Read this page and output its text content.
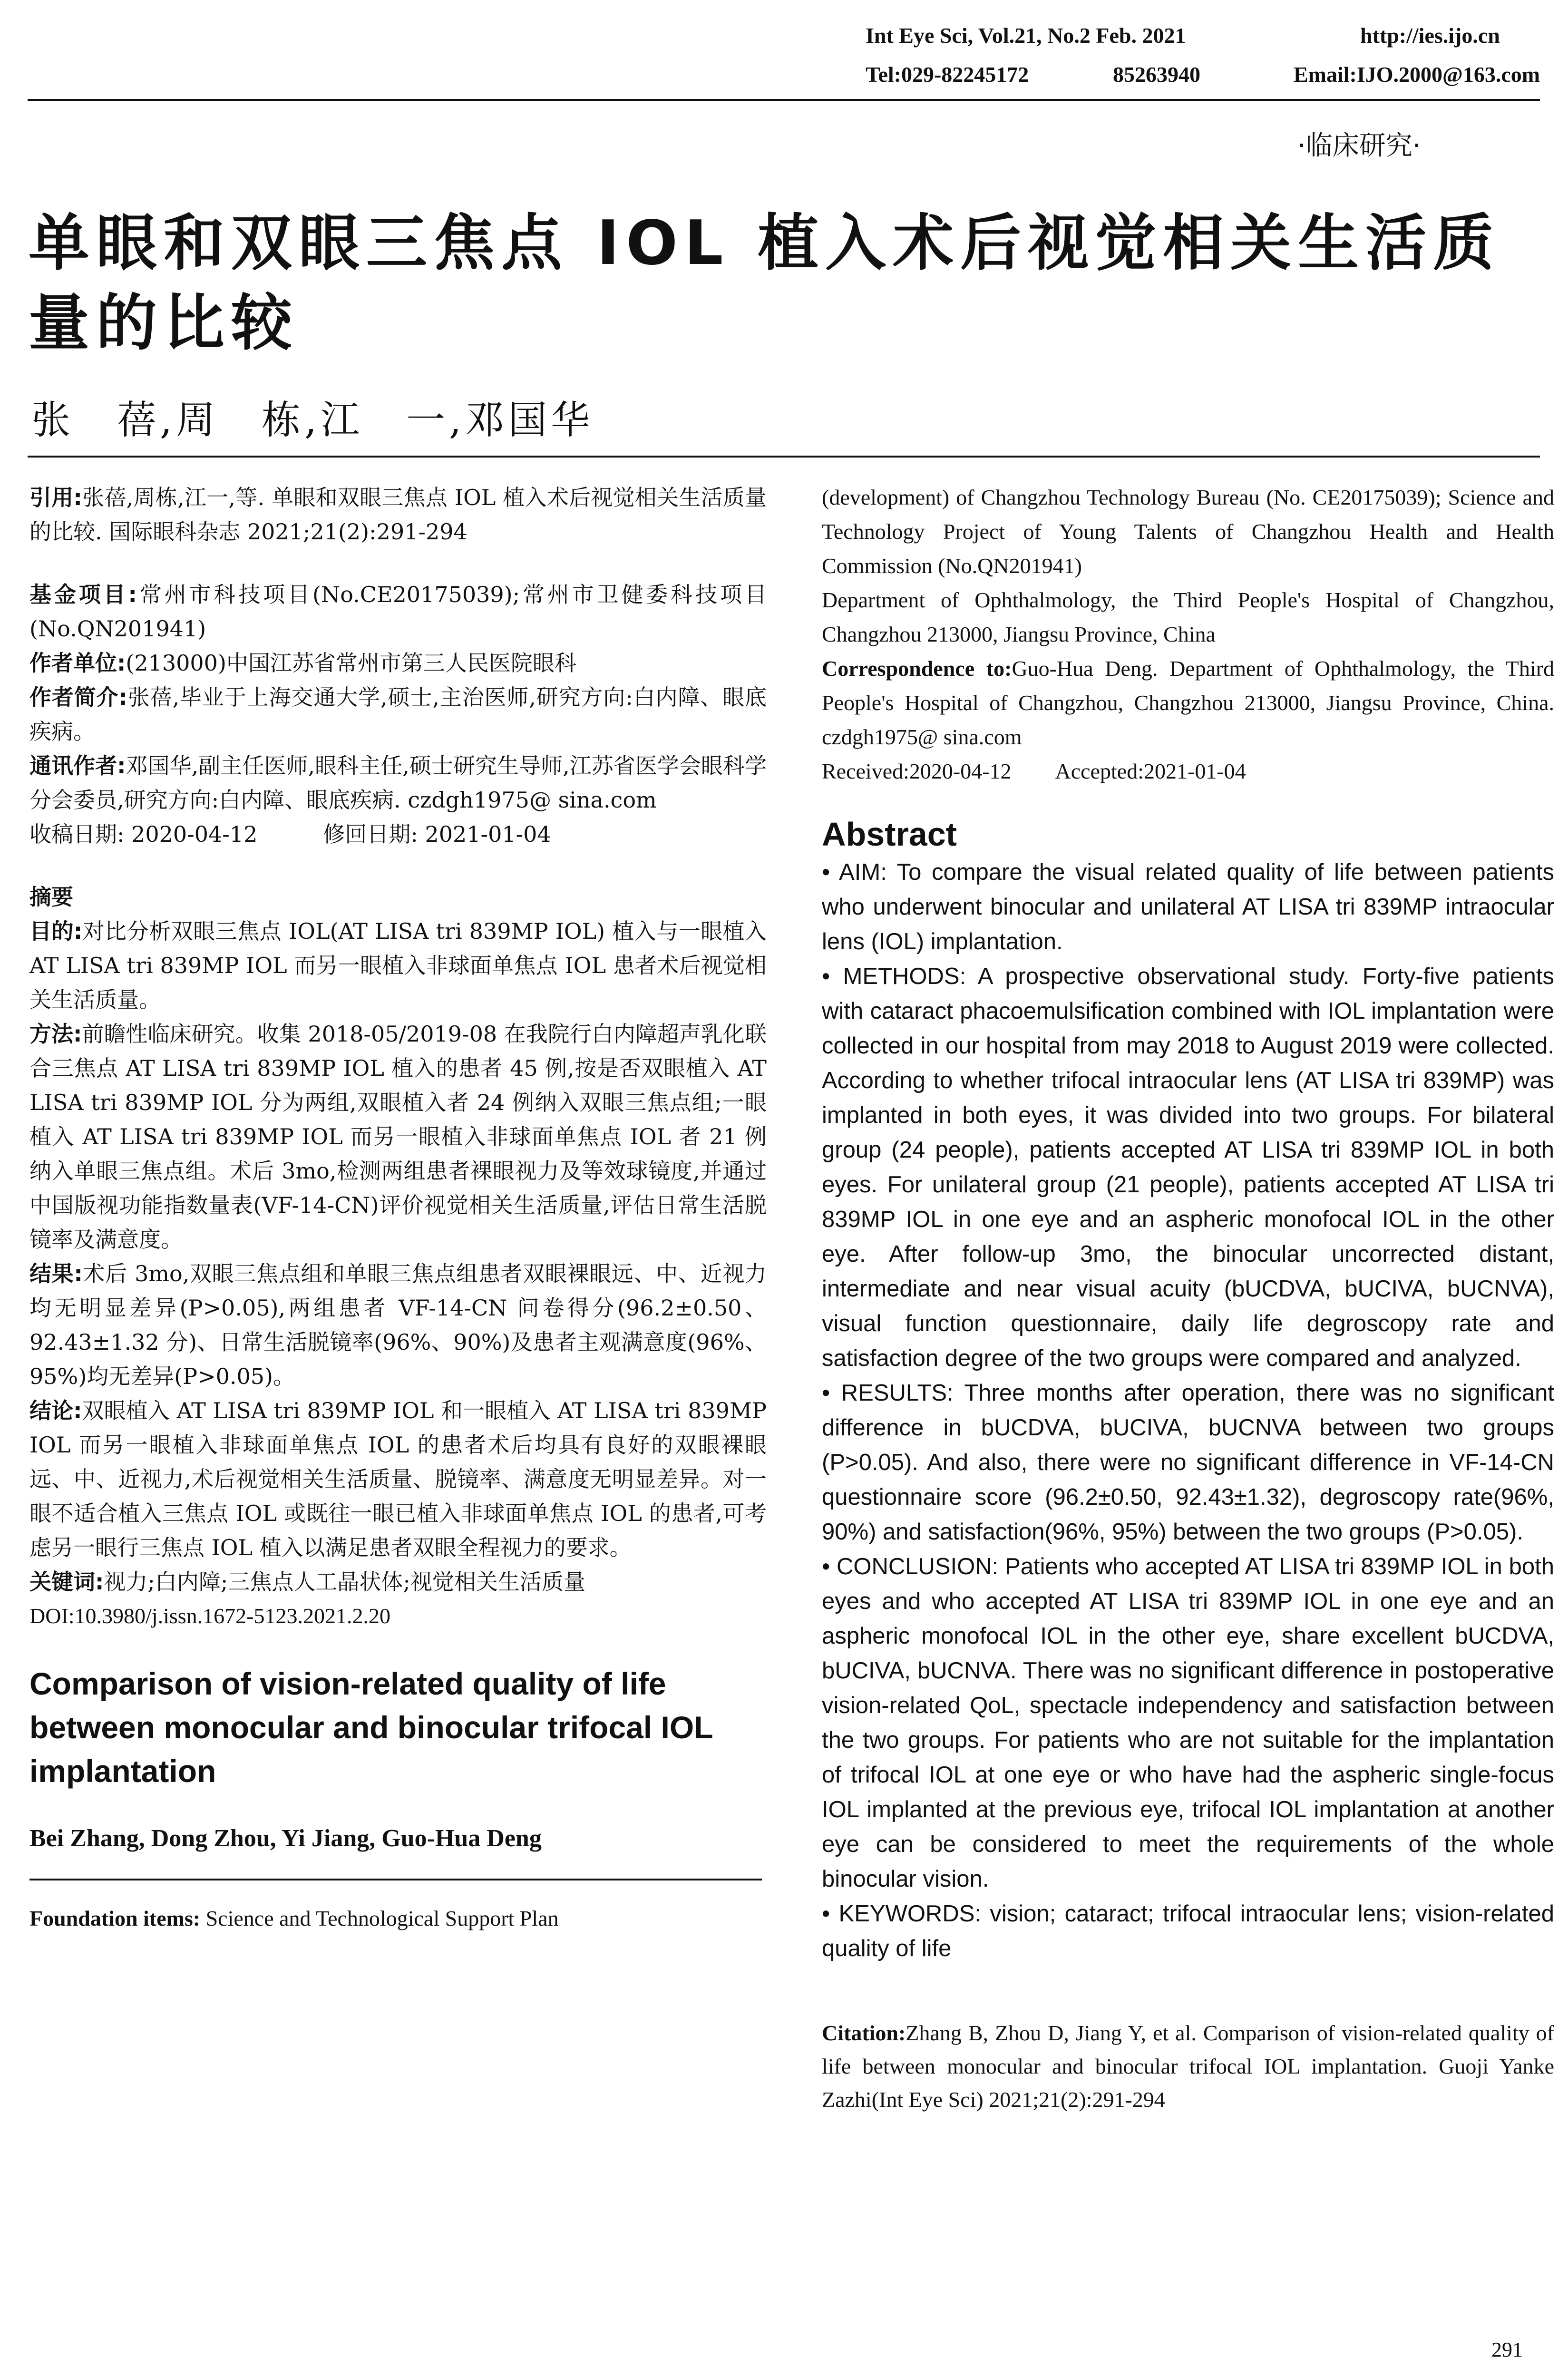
Int Eye Sci, Vol.21, No.2 Feb. 2021	http://ies.ijo.cn
Tel:029-82245172	85263940	Email:IJO.2000@163.com
·临床研究·
单眼和双眼三焦点 IOL 植入术后视觉相关生活质量的比较
张　蓓,周　栋,江　一,邓国华

引用:张蓓,周栋,江一,等. 单眼和双眼三焦点 IOL 植入术后视觉相关生活质量的比较. 国际眼科杂志 2021;21(2):291-294

基金项目:常州市科技项目(No.CE20175039);常州市卫健委科技项目(No.QN201941)

作者单位:(213000)中国江苏省常州市第三人民医院眼科

作者简介:张蓓,毕业于上海交通大学,硕士,主治医师,研究方向:白内障、眼底疾病。

通讯作者:邓国华,副主任医师,眼科主任,硕士研究生导师,江苏省医学会眼科学分会委员,研究方向:白内障、眼底疾病. czdgh1975@ sina.com

收稿日期: 2020-04-12　　　修回日期: 2021-01-04

摘要

目的:对比分析双眼三焦点 IOL(AT LISA tri 839MP IOL) 植入与一眼植入 AT LISA tri 839MP IOL 而另一眼植入非球面单焦点 IOL 患者术后视觉相关生活质量。

方法:前瞻性临床研究。收集 2018-05/2019-08 在我院行白内障超声乳化联合三焦点 AT LISA tri 839MP IOL 植入的患者 45 例,按是否双眼植入 AT LISA tri 839MP IOL 分为两组,双眼植入者 24 例纳入双眼三焦点组;一眼植入 AT LISA tri 839MP IOL 而另一眼植入非球面单焦点 IOL 者 21 例纳入单眼三焦点组。术后 3mo,检测两组患者裸眼视力及等效球镜度,并通过中国版视功能指数量表(VF-14-CN)评价视觉相关生活质量,评估日常生活脱镜率及满意度。

结果:术后 3mo,双眼三焦点组和单眼三焦点组患者双眼裸眼远、中、近视力均无明显差异(P>0.05),两组患者 VF-14-CN 问卷得分(96.2±0.50、92.43±1.32 分)、日常生活脱镜率(96%、90%)及患者主观满意度(96%、95%)均无差异(P>0.05)。

结论:双眼植入 AT LISA tri 839MP IOL 和一眼植入 AT LISA tri 839MP IOL 而另一眼植入非球面单焦点 IOL 的患者术后均具有良好的双眼裸眼远、中、近视力,术后视觉相关生活质量、脱镜率、满意度无明显差异。对一眼不适合植入三焦点 IOL 或既往一眼已植入非球面单焦点 IOL 的患者,可考虑另一眼行三焦点 IOL 植入以满足患者双眼全程视力的要求。

关键词:视力;白内障;三焦点人工晶状体;视觉相关生活质量

DOI:10.3980/j.issn.1672-5123.2021.2.20

Comparison of vision-related quality of life between monocular and binocular trifocal IOL implantation

Bei Zhang, Dong Zhou, Yi Jiang, Guo-Hua Deng

Foundation items: Science and Technological Support Plan

(development) of Changzhou Technology Bureau (No. CE20175039); Science and Technology Project of Young Talents of Changzhou Health and Health Commission (No.QN201941)

Department of Ophthalmology, the Third People's Hospital of Changzhou, Changzhou 213000, Jiangsu Province, China

Correspondence to:Guo-Hua Deng. Department of Ophthalmology, the Third People's Hospital of Changzhou, Changzhou 213000, Jiangsu Province, China. czdgh1975@ sina.com

Received:2020-04-12　　Accepted:2021-01-04

Abstract

• AIM: To compare the visual related quality of life between patients who underwent binocular and unilateral AT LISA tri 839MP intraocular lens (IOL) implantation.

• METHODS: A prospective observational study. Forty-five patients with cataract phacoemulsification combined with IOL implantation were collected in our hospital from may 2018 to August 2019 were collected. According to whether trifocal intraocular lens (AT LISA tri 839MP) was implanted in both eyes, it was divided into two groups. For bilateral group (24 people), patients accepted AT LISA tri 839MP IOL in both eyes. For unilateral group (21 people), patients accepted AT LISA tri 839MP IOL in one eye and an aspheric monofocal IOL in the other eye. After follow-up 3mo, the binocular uncorrected distant, intermediate and near visual acuity (bUCDVA, bUCIVA, bUCNVA), visual function questionnaire, daily life degroscopy rate and satisfaction degree of the two groups were compared and analyzed.

• RESULTS: Three months after operation, there was no significant difference in bUCDVA, bUCIVA, bUCNVA between two groups (P>0.05). And also, there were no significant difference in VF-14-CN questionnaire score (96.2±0.50, 92.43±1.32), degroscopy rate(96%, 90%) and satisfaction(96%, 95%) between the two groups (P>0.05).

• CONCLUSION: Patients who accepted AT LISA tri 839MP IOL in both eyes and who accepted AT LISA tri 839MP IOL in one eye and an aspheric monofocal IOL in the other eye, share excellent bUCDVA, bUCIVA, bUCNVA. There was no significant difference in postoperative vision-related QoL, spectacle independency and satisfaction between the two groups. For patients who are not suitable for the implantation of trifocal IOL at one eye or who have had the aspheric single-focus IOL implanted at the previous eye, trifocal IOL implantation at another eye can be considered to meet the requirements of the whole binocular vision.

• KEYWORDS: vision; cataract; trifocal intraocular lens; vision-related quality of life

Citation:Zhang B, Zhou D, Jiang Y, et al. Comparison of vision-related quality of life between monocular and binocular trifocal IOL implantation. Guoji Yanke Zazhi(Int Eye Sci) 2021;21(2):291-294

291
